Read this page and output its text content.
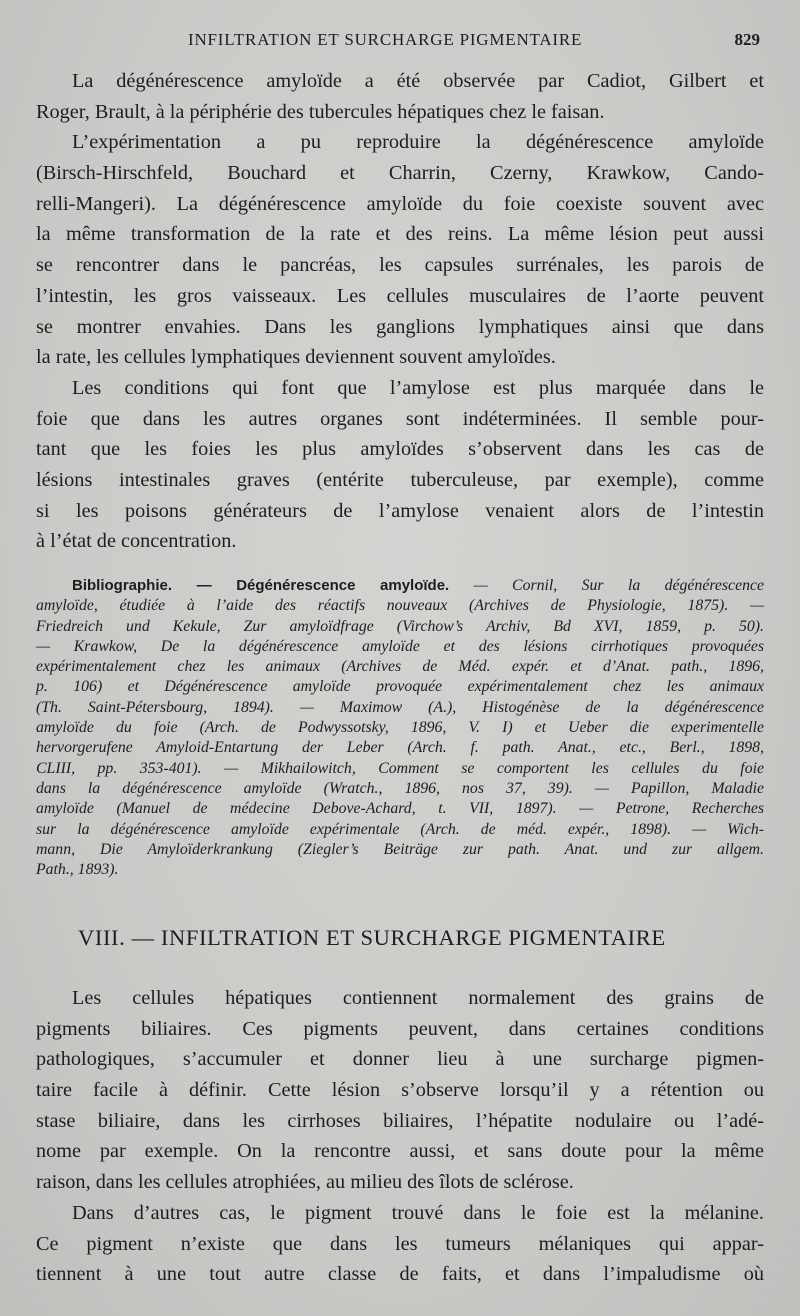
INFILTRATION ET SURCHARGE PIGMENTAIRE	829
La dégénérescence amyloïde a été observée par Cadiot, Gilbert et
Roger, Brault, à la périphérie des tubercules hépatiques chez le faisan.
L’expérimentation a pu reproduire la dégénérescence amyloïde
(Birsch-Hirschfeld, Bouchard et Charrin, Czerny, Krawkow, Cando-
relli-Mangeri). La dégénérescence amyloïde du foie coexiste souvent avec
la même transformation de la rate et des reins. La même lésion peut aussi
se rencontrer dans le pancréas, les capsules surrénales, les parois de
l’intestin, les gros vaisseaux. Les cellules musculaires de l’aorte peuvent
se montrer envahies. Dans les ganglions lymphatiques ainsi que dans
la rate, les cellules lymphatiques deviennent souvent amyloïdes.
Les conditions qui font que l’amylose est plus marquée dans le
foie que dans les autres organes sont indéterminées. Il semble pour-
tant que les foies les plus amyloïdes s’observent dans les cas de
lésions intestinales graves (entérite tuberculeuse, par exemple), comme
si les poisons générateurs de l’amylose venaient alors de l’intestin
à l’état de concentration.
Bibliographie. — Dégénérescence amyloïde. — Cornil, Sur la dégénérescence
amyloïde, étudiée à l’aide des réactifs nouveaux (Archives de Physiologie, 1875). —
Friedreich und Kekule, Zur amyloïdfrage (Virchow’s Archiv, Bd XVI, 1859, p. 50).
— Krawkow, De la dégénérescence amyloïde et des lésions cirrhotiques provoquées
expérimentalement chez les animaux (Archives de Méd. expér. et d’Anat. path., 1896,
p. 106) et Dégénérescence amyloïde provoquée expérimentalement chez les animaux
(Th. Saint-Pétersbourg, 1894). — Maximow (A.), Histogénèse de la dégénérescence
amyloïde du foie (Arch. de Podwyssotsky, 1896, V. I) et Ueber die experimentelle
hervorgerufene Amyloid-Entartung der Leber (Arch. f. path. Anat., etc., Berl., 1898,
CLIII, pp. 353-401). — Mikhailowitch, Comment se comportent les cellules du foie
dans la dégénérescence amyloïde (Wratch., 1896, nos 37, 39). — Papillon, Maladie
amyloïde (Manuel de médecine Debove-Achard, t. VII, 1897). — Petrone, Recherches
sur la dégénérescence amyloïde expérimentale (Arch. de méd. expér., 1898). — Wich-
mann, Die Amyloïderkrankung (Ziegler’s Beiträge zur path. Anat. und zur allgem.
Path., 1893).
VIII. — INFILTRATION ET SURCHARGE PIGMENTAIRE
Les cellules hépatiques contiennent normalement des grains de
pigments biliaires. Ces pigments peuvent, dans certaines conditions
pathologiques, s’accumuler et donner lieu à une surcharge pigmen-
taire facile à définir. Cette lésion s’observe lorsqu’il y a rétention ou
stase biliaire, dans les cirrhoses biliaires, l’hépatite nodulaire ou l’adé-
nome par exemple. On la rencontre aussi, et sans doute pour la même
raison, dans les cellules atrophiées, au milieu des îlots de sclérose.
Dans d’autres cas, le pigment trouvé dans le foie est la mélanine.
Ce pigment n’existe que dans les tumeurs mélaniques qui appar-
tiennent à une tout autre classe de faits, et dans l’impaludisme où
